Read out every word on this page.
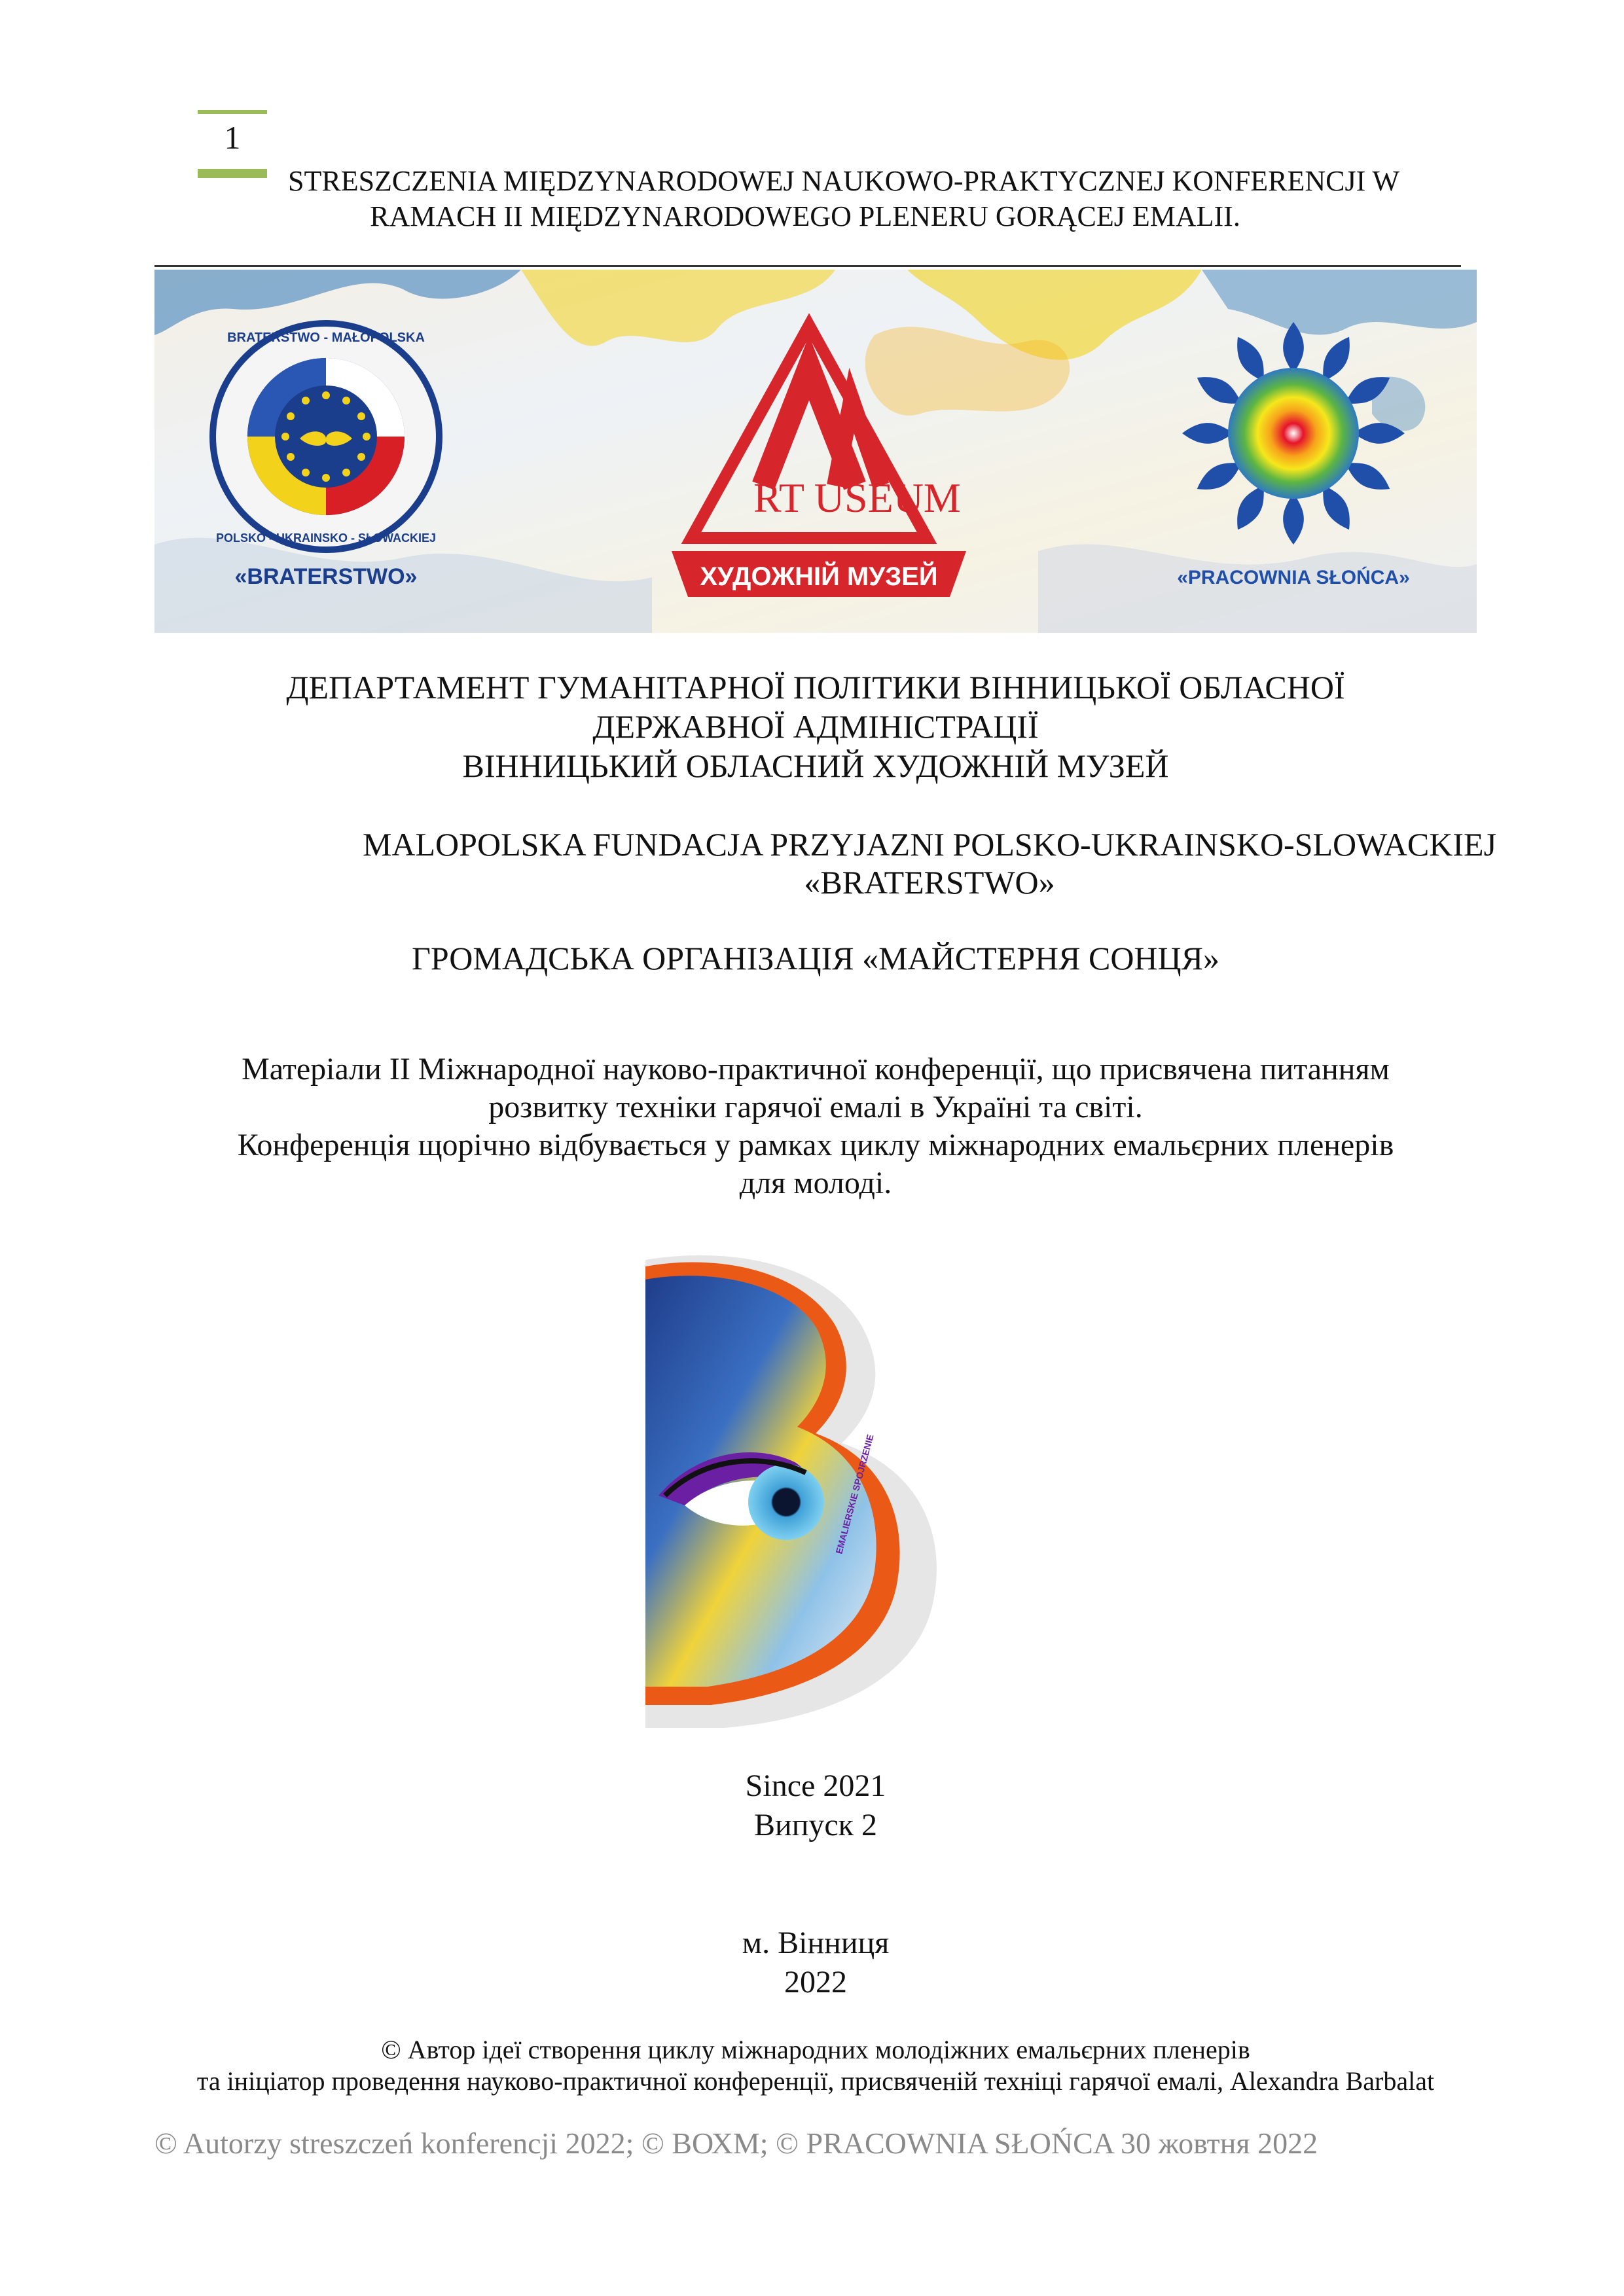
1
STRESZCZENIA MIĘDZYNARODOWEJ NAUKOWO-PRAKTYCZNEJ KONFERENCJI W
RAMACH II MIĘDZYNARODOWEGO PLENERU GORĄCEJ EMALII.
BRATERSTWO - MAŁOPOLSKA
POLSKO - UKRAINSKO - SŁOWACKIEJ
«BRATERSTWO»
RT USEUM
ХУДОЖНІЙ МУЗЕЙ	«PRACOWNIA SŁOŃCA»
ДЕПАРТАМЕНТ ГУМАНІТАРНОЇ ПОЛІТИКИ ВІННИЦЬКОЇ ОБЛАСНОЇ
ДЕРЖАВНОЇ АДМІНІСТРАЦІЇ
ВІННИЦЬКИЙ ОБЛАСНИЙ ХУДОЖНІЙ МУЗЕЙ
MALOPOLSKA FUNDACJA PRZYJAZNI POLSKO-UKRAINSKO-SLOWACKIEJ
«BRATERSTWO»
ГРОМАДСЬКА ОРГАНІЗАЦІЯ «МАЙСТЕРНЯ СОНЦЯ»
Матеріали II Міжнародної науково-практичної конференції, що присвячена питанням
розвитку техніки гарячої емалі в Україні та світі.
Конференція щорічно відбувається у рамках циклу міжнародних емальєрних пленерів
для молоді.
EMALIERSKIE SPOJRZENIE
Since 2021
Випуск 2
м. Вінниця
2022
© Автор ідеї створення циклу міжнародних молодіжних емальєрних пленерів
та ініціатор проведення науково-практичної конференції, присвяченій техніці гарячої емалі, Alexandra Barbalat
© Autorzy streszczeń konferencji 2022; © ВОХМ; © PRACOWNIA SŁOŃCA 30 жовтня 2022
